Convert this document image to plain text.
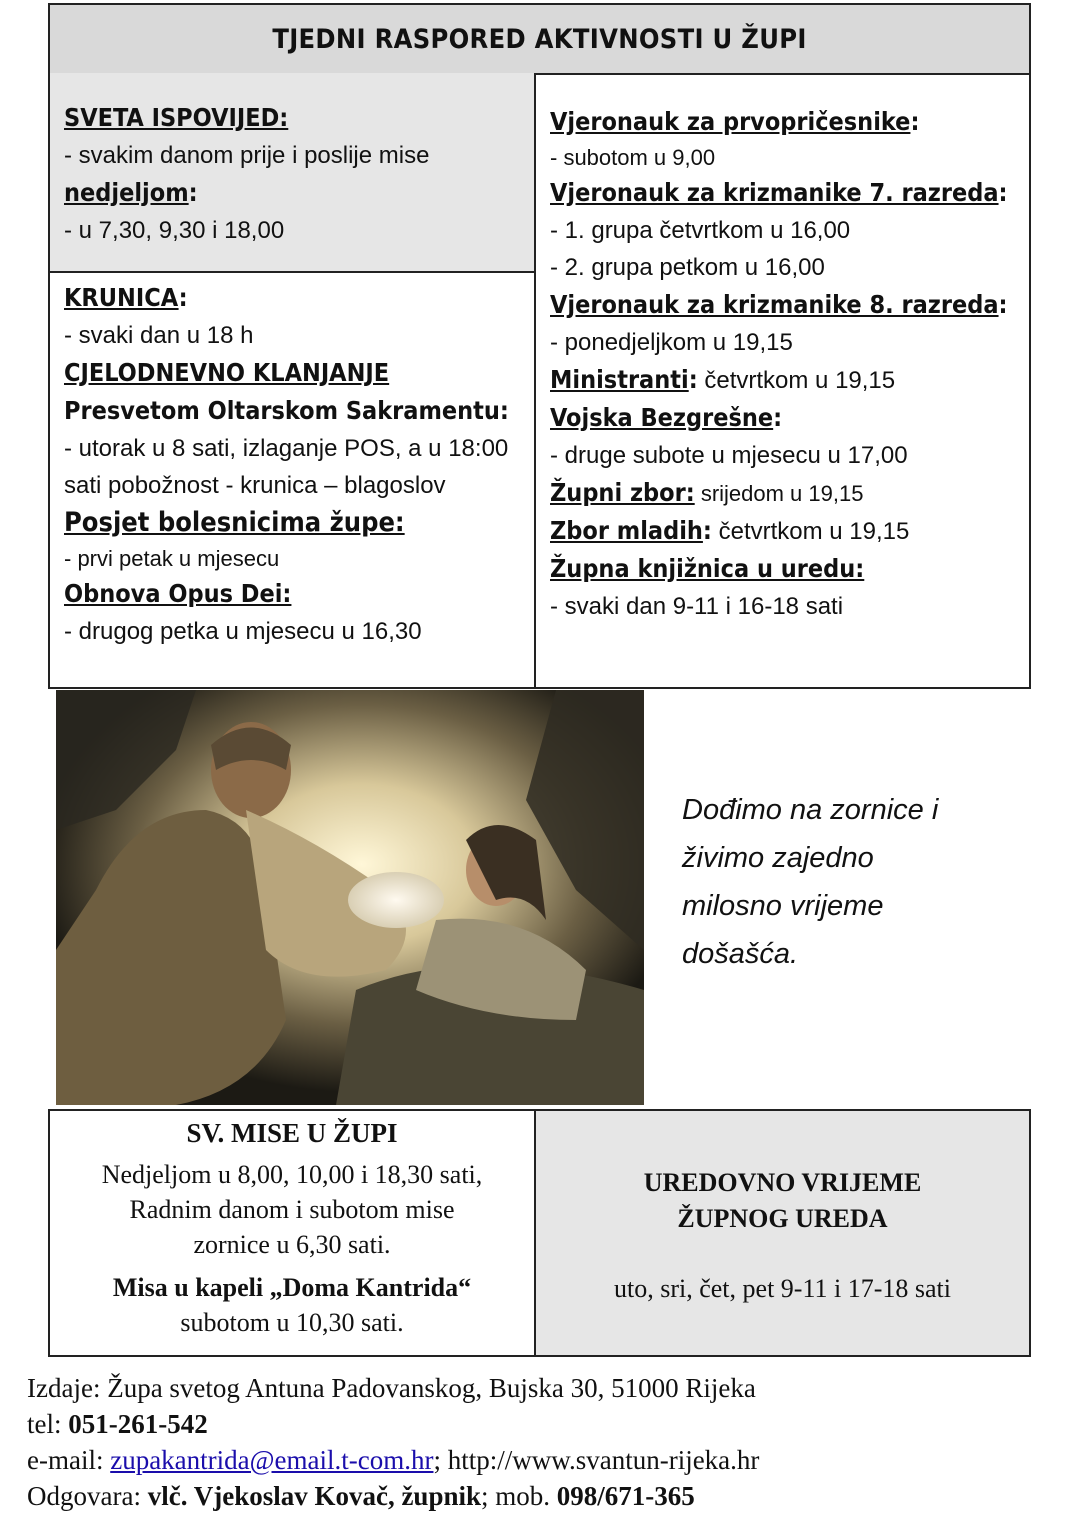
TJEDNI RASPORED AKTIVNOSTI U ŽUPI
SVETA ISPOVIJED:
- svakim danom prije i poslije mise
nedjeljom:
- u 7,30, 9,30 i 18,00
KRUNICA:
- svaki dan u 18 h
CJELODNEVNO KLANJANJE
Presvetom Oltarskom Sakramentu:
- utorak u 8 sati, izlaganje POS, a u 18:00 sati pobožnost - krunica – blagoslov
Posjet bolesnicima župe:
- prvi petak u mjesecu
Obnova Opus Dei:
- drugog petka u mjesecu u 16,30
Vjeronauk za prvopričesnike:
- subotom u 9,00
Vjeronauk za krizmanike 7. razreda:
- 1. grupa četvrtkom u 16,00
- 2. grupa petkom u 16,00
Vjeronauk za krizmanike 8. razreda:
- ponedjeljkom u 19,15
Ministranti: četvrtkom u 19,15
Vojska Bezgrešne:
- druge subote u mjesecu u 17,00
Župni zbor: srijedom u 19,15
Zbor mladih: četvrtkom u 19,15
Župna knjižnica u uredu:
- svaki dan 9-11 i 16-18 sati
Dođimo na zornice i
živimo zajedno
milosno vrijeme
došašća.
SV. MISE U ŽUPI
Nedjeljom u 8,00, 10,00 i 18,30 sati,
Radnim danom i subotom mise
zornice u 6,30 sati.
Misa u kapeli „Doma Kantrida“
subotom u 10,30 sati.
UREDOVNO VRIJEME
ŽUPNOG UREDA
uto, sri, čet, pet 9-11 i 17-18 sati
Izdaje: Župa svetog Antuna Padovanskog, Bujska 30, 51000 Rijeka
tel: 051-261-542
e-mail: zupakantrida@email.t-com.hr; http://www.svantun-rijeka.hr
Odgovara: vlč. Vjekoslav Kovač, župnik; mob. 098/671-365
